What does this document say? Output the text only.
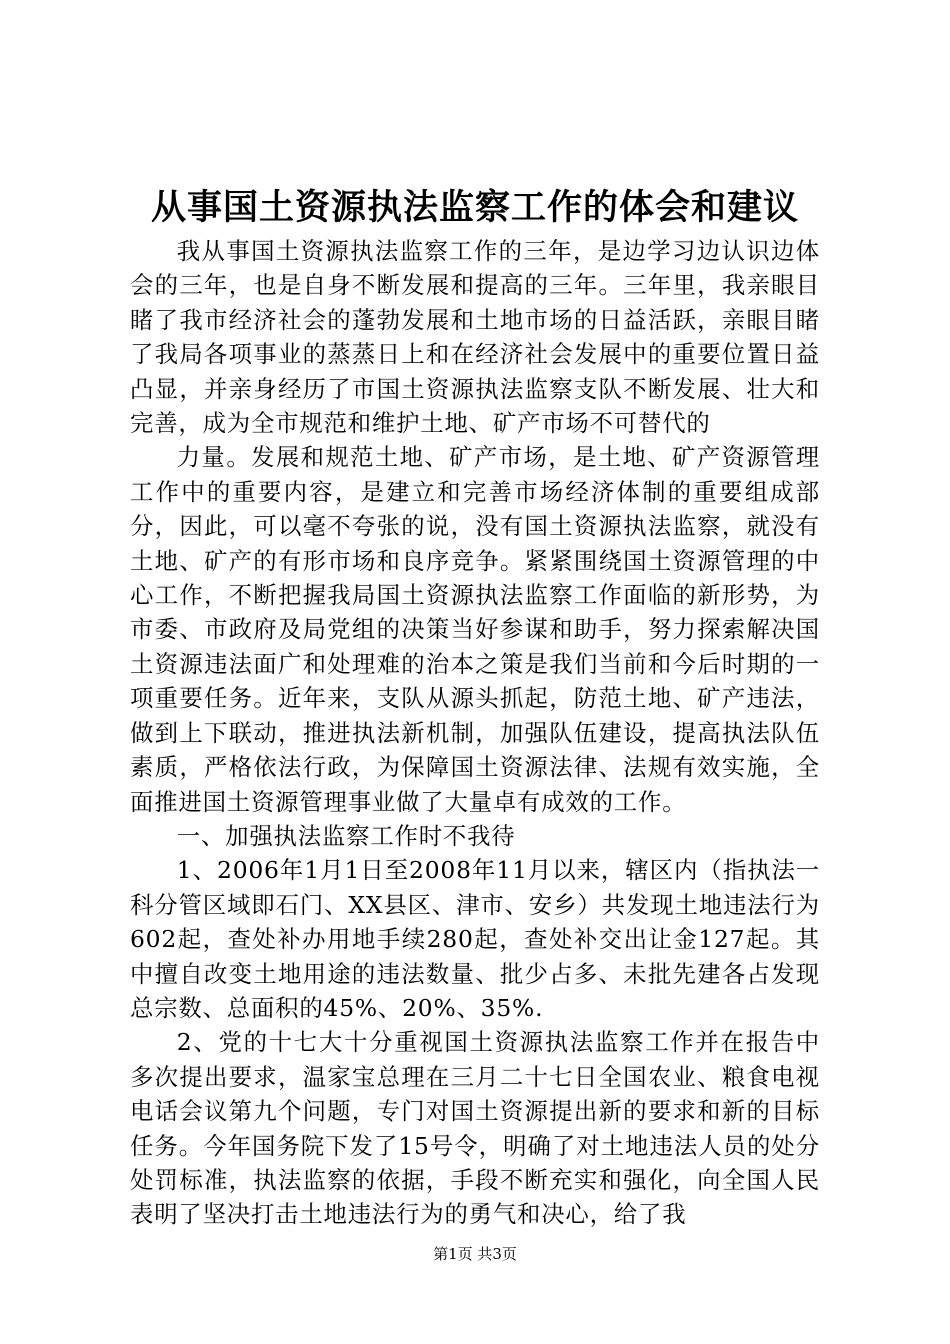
从事国土资源执法监察工作的体会和建议

我从事国土资源执法监察工作的三年，是边学习边认识边体会的三年，也是自身不断发展和提高的三年。三年里，我亲眼目睹了我市经济社会的蓬勃发展和土地市场的日益活跃，亲眼目睹了我局各项事业的蒸蒸日上和在经济社会发展中的重要位置日益凸显，并亲身经历了市国土资源执法监察支队不断发展、壮大和完善，成为全市规范和维护土地、矿产市场不可替代的

力量。发展和规范土地、矿产市场，是土地、矿产资源管理工作中的重要内容，是建立和完善市场经济体制的重要组成部分，因此，可以毫不夸张的说，没有国土资源执法监察，就没有土地、矿产的有形市场和良序竞争。紧紧围绕国土资源管理的中心工作，不断把握我局国土资源执法监察工作面临的新形势，为市委、市政府及局党组的决策当好参谋和助手，努力探索解决国土资源违法面广和处理难的治本之策是我们当前和今后时期的一项重要任务。近年来，支队从源头抓起，防范土地、矿产违法，做到上下联动，推进执法新机制，加强队伍建设，提高执法队伍素质，严格依法行政，为保障国土资源法律、法规有效实施，全面推进国土资源管理事业做了大量卓有成效的工作。

一、加强执法监察工作时不我待

1、2006年1月1日至2008年11月以来，辖区内（指执法一科分管区域即石门、XX县区、津市、安乡）共发现土地违法行为602起，查处补办用地手续280起，查处补交出让金127起。其中擅自改变土地用途的违法数量、批少占多、未批先建各占发现总宗数、总面积的45%、20%、35%.

2、党的十七大十分重视国土资源执法监察工作并在报告中多次提出要求，温家宝总理在三月二十七日全国农业、粮食电视电话会议第九个问题，专门对国土资源提出新的要求和新的目标任务。今年国务院下发了15号令，明确了对土地违法人员的处分处罚标准，执法监察的依据，手段不断充实和强化，向全国人民表明了坚决打击土地违法行为的勇气和决心，给了我

第1页 共3页
